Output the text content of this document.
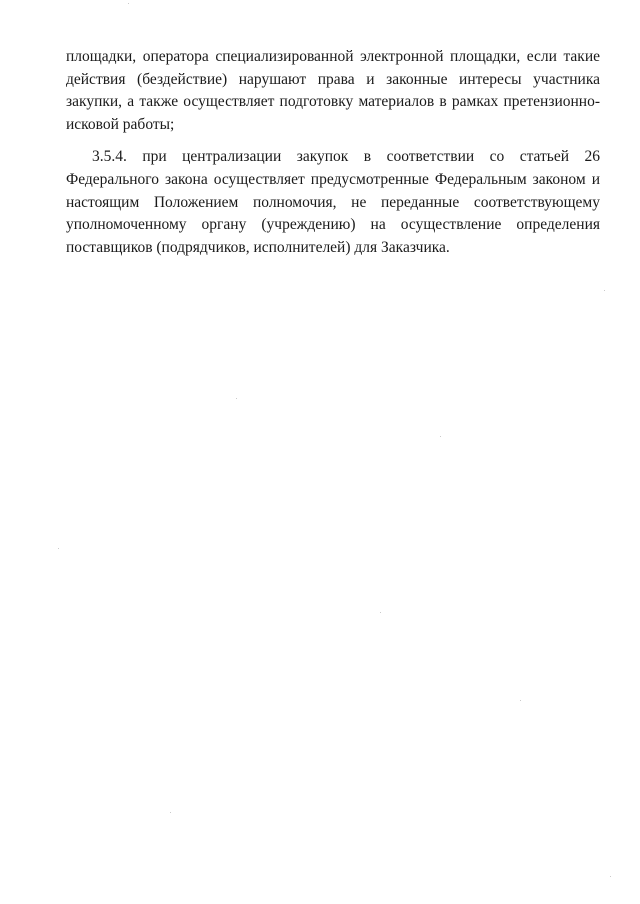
площадки, оператора специализированной электронной площадки, если такие действия (бездействие) нарушают права и законные интересы участника закупки, а также осуществляет подготовку материалов в рамках претензионно-исковой работы;

3.5.4. при централизации закупок в соответствии со статьей 26 Федерального закона осуществляет предусмотренные Федеральным законом и настоящим Положением полномочия, не переданные соответствующему уполномоченному органу (учреждению) на осуществление определения поставщиков (подрядчиков, исполнителей) для Заказчика.
